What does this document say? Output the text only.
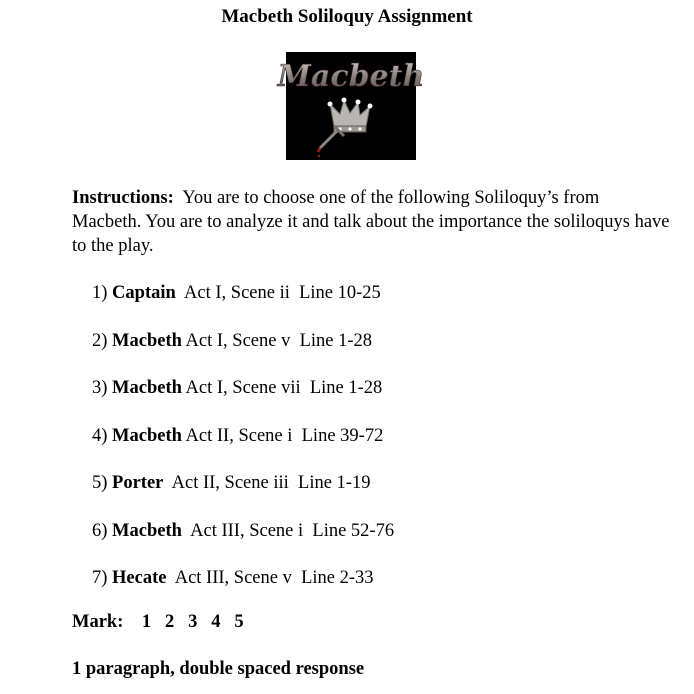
Macbeth Soliloquy Assignment
Macbeth
Instructions: You are to choose one of the following Soliloquy’s from Macbeth. You are to analyze it and talk about the importance the soliloquys have to the play.
1) Captain Act I, Scene ii  Line 10-25
2) Macbeth Act I, Scene v  Line 1-28
3) Macbeth Act I, Scene vii  Line 1-28
4) Macbeth Act II, Scene i  Line 39-72
5) Porter Act II, Scene iii  Line 1-19
6) Macbeth  Act III, Scene i  Line 52-76
7) Hecate Act III, Scene v  Line 2-33
Mark: 1 2 3 4 5
1 paragraph, double spaced response
